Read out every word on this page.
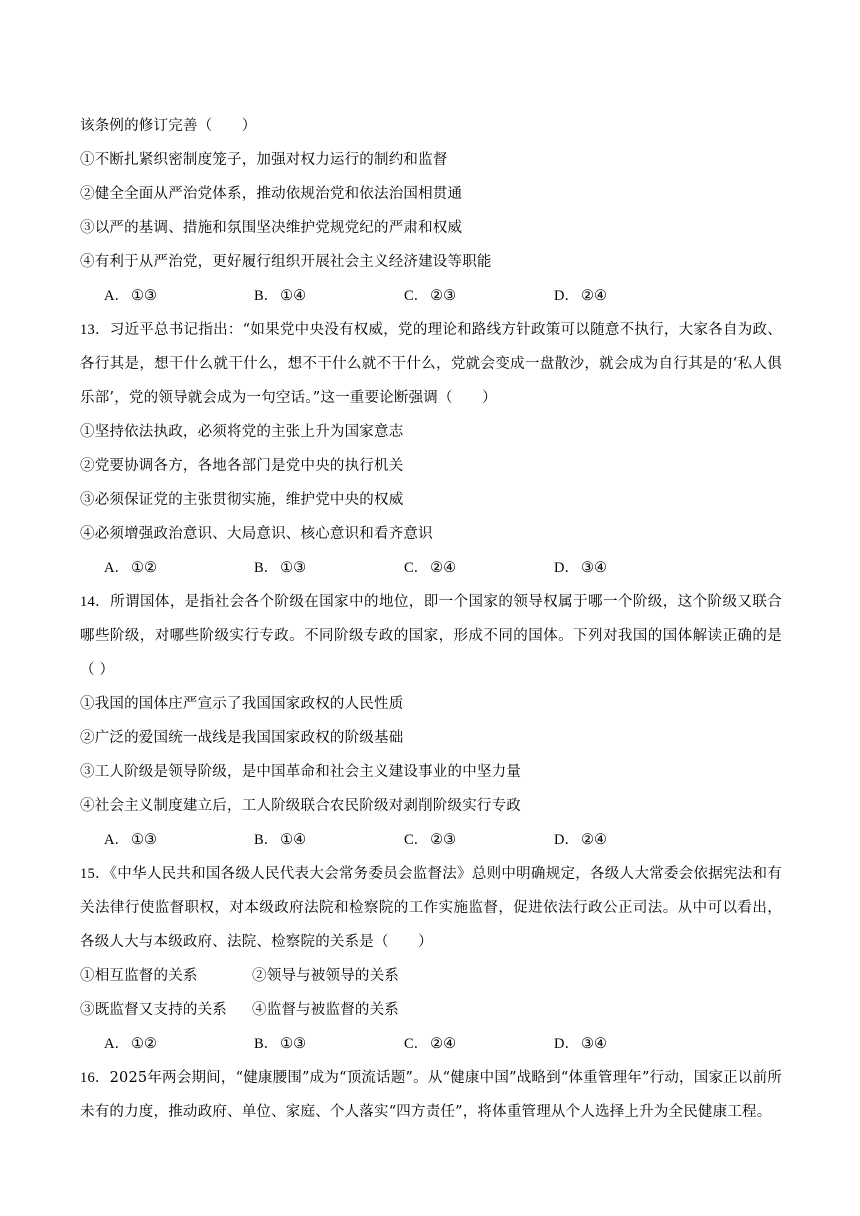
该条例的修订完善（　　）
①不断扎紧织密制度笼子，加强对权力运行的制约和监督
②健全全面从严治党体系，推动依规治党和依法治国相贯通
③以严的基调、措施和氛围坚决维护党规党纪的严肃和权威
④有利于从严治党，更好履行组织开展社会主义经济建设等职能
A． ①③	B． ①④	C． ②③	D． ②④
13．习近平总书记指出：“如果党中央没有权威，党的理论和路线方针政策可以随意不执行，大家各自为政、各行其是，想干什么就干什么，想不干什么就不干什么，党就会变成一盘散沙，就会成为自行其是的‘私人俱乐部’，党的领导就会成为一句空话。”这一重要论断强调（　　）
①坚持依法执政，必须将党的主张上升为国家意志
②党要协调各方，各地各部门是党中央的执行机关
③必须保证党的主张贯彻实施，维护党中央的权威
④必须增强政治意识、大局意识、核心意识和看齐意识
A． ①②	B． ①③	C． ②④	D． ③④
14．所谓国体，是指社会各个阶级在国家中的地位，即一个国家的领导权属于哪一个阶级，这个阶级又联合哪些阶级，对哪些阶级实行专政。不同阶级专政的国家，形成不同的国体。下列对我国的国体解读正确的是（ ）
①我国的国体庄严宣示了我国国家政权的人民性质
②广泛的爱国统一战线是我国国家政权的阶级基础
③工人阶级是领导阶级，是中国革命和社会主义建设事业的中坚力量
④社会主义制度建立后，工人阶级联合农民阶级对剥削阶级实行专政
A． ①③	B． ①④	C． ②③	D． ②④
15．《中华人民共和国各级人民代表大会常务委员会监督法》总则中明确规定，各级人大常委会依据宪法和有关法律行使监督职权，对本级政府法院和检察院的工作实施监督，促进依法行政公正司法。从中可以看出，各级人大与本级政府、法院、检察院的关系是（　　）
①相互监督的关系	②领导与被领导的关系
③既监督又支持的关系 ④监督与被监督的关系
A． ①②	B． ①③	C． ②④	D． ③④
16．2025年两会期间，“健康腰围”成为“顶流话题”。从“健康中国”战略到“体重管理年”行动，国家正以前所未有的力度，推动政府、单位、家庭、个人落实“四方责任”，将体重管理从个人选择上升为全民健康工程。
